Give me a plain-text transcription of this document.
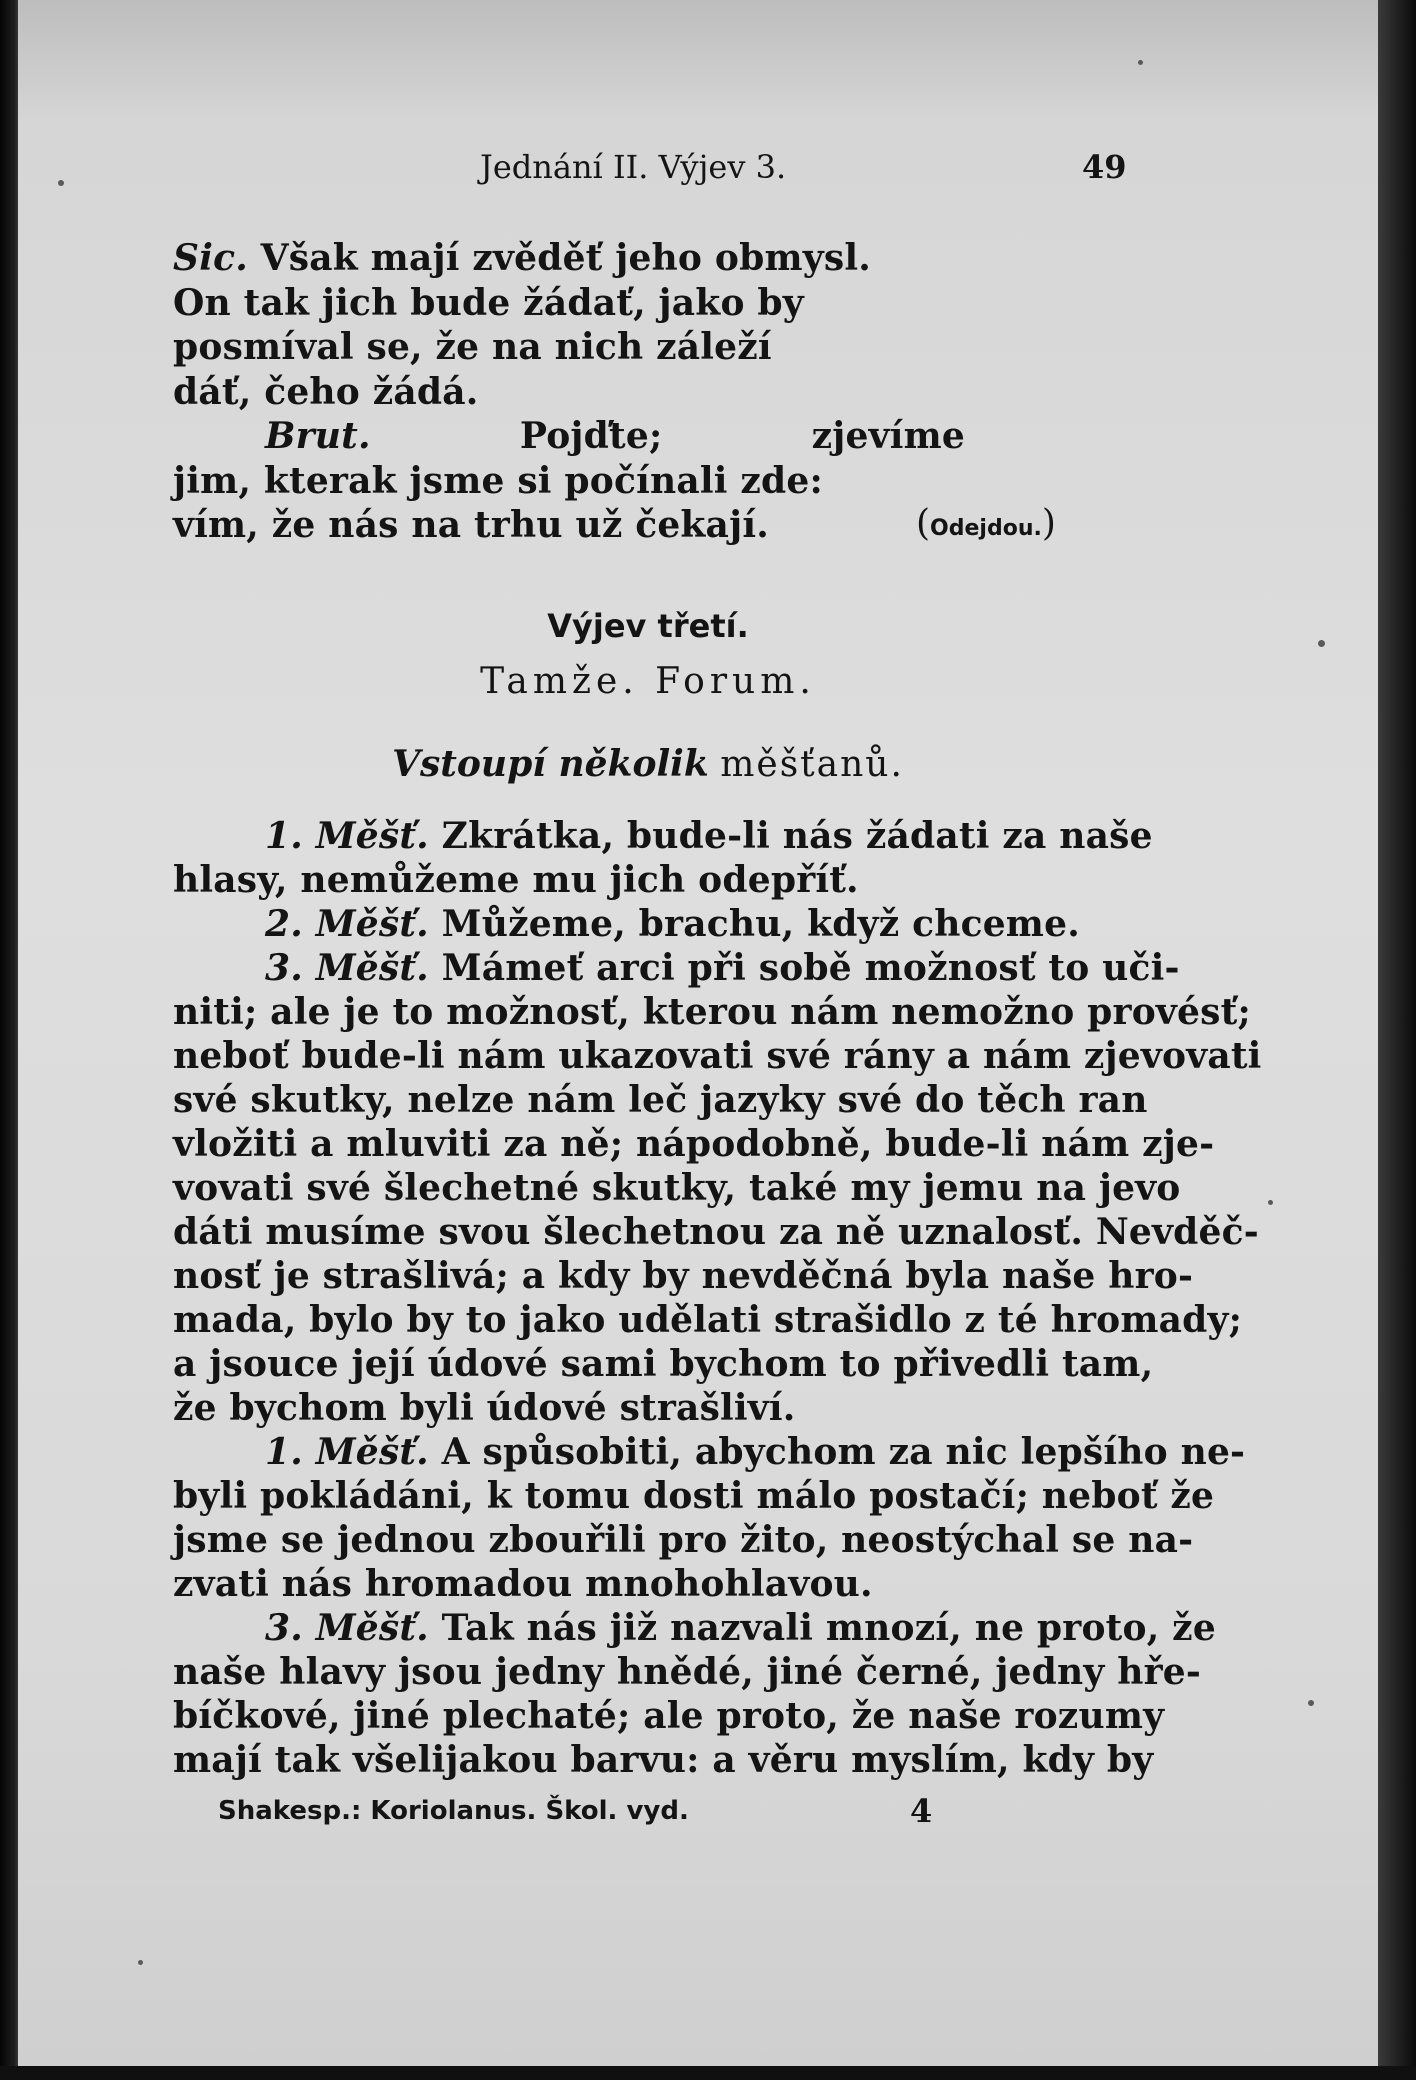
Jednání II. Výjev 3.	49
(Odejdou.)
Výjev třetí.
Tamže. Forum.
Vstoupí několik měšťanů.
Shakesp.: Koriolanus. Škol. vyd.	4

Sic. Však mají zvěděť jeho obmysl.

On tak jich bude žádať, jako by

posmíval se, že na nich záleží

dáť, čeho žádá.

Brut.	Pojďte; zjevíme

jim, kterak jsme si počínali zde:

vím, že nás na trhu už čekají.

1. Měšť. Zkrátka, bude-li nás žádati za naše

hlasy, nemůžeme mu jich odepříť.

2. Měšť. Můžeme, brachu, když chceme.

3. Měšť. Mámeť arci při sobě možnosť to uči-

niti; ale je to možnosť, kterou nám nemožno provésť;

neboť bude-li nám ukazovati své rány a nám zjevovati

své skutky, nelze nám leč jazyky své do těch ran

vložiti a mluviti za ně; nápodobně, bude-li nám zje-

vovati své šlechetné skutky, také my jemu na jevo

dáti musíme svou šlechetnou za ně uznalosť. Nevděč-

nosť je strašlivá; a kdy by nevděčná byla naše hro-

mada, bylo by to jako udělati strašidlo z té hromady;

a jsouce její údové sami bychom to přivedli tam,

že bychom byli údové strašliví.

1. Měšť. A spůsobiti, abychom za nic lepšího ne-

byli pokládáni, k tomu dosti málo postačí; neboť že

jsme se jednou zbouřili pro žito, neostýchal se na-

zvati nás hromadou mnohohlavou.

3. Měšť. Tak nás již nazvali mnozí, ne proto, že

naše hlavy jsou jedny hnědé, jiné černé, jedny hře-

bíčkové, jiné plechaté; ale proto, že naše rozumy

mají tak všelijakou barvu: a věru myslím, kdy by
